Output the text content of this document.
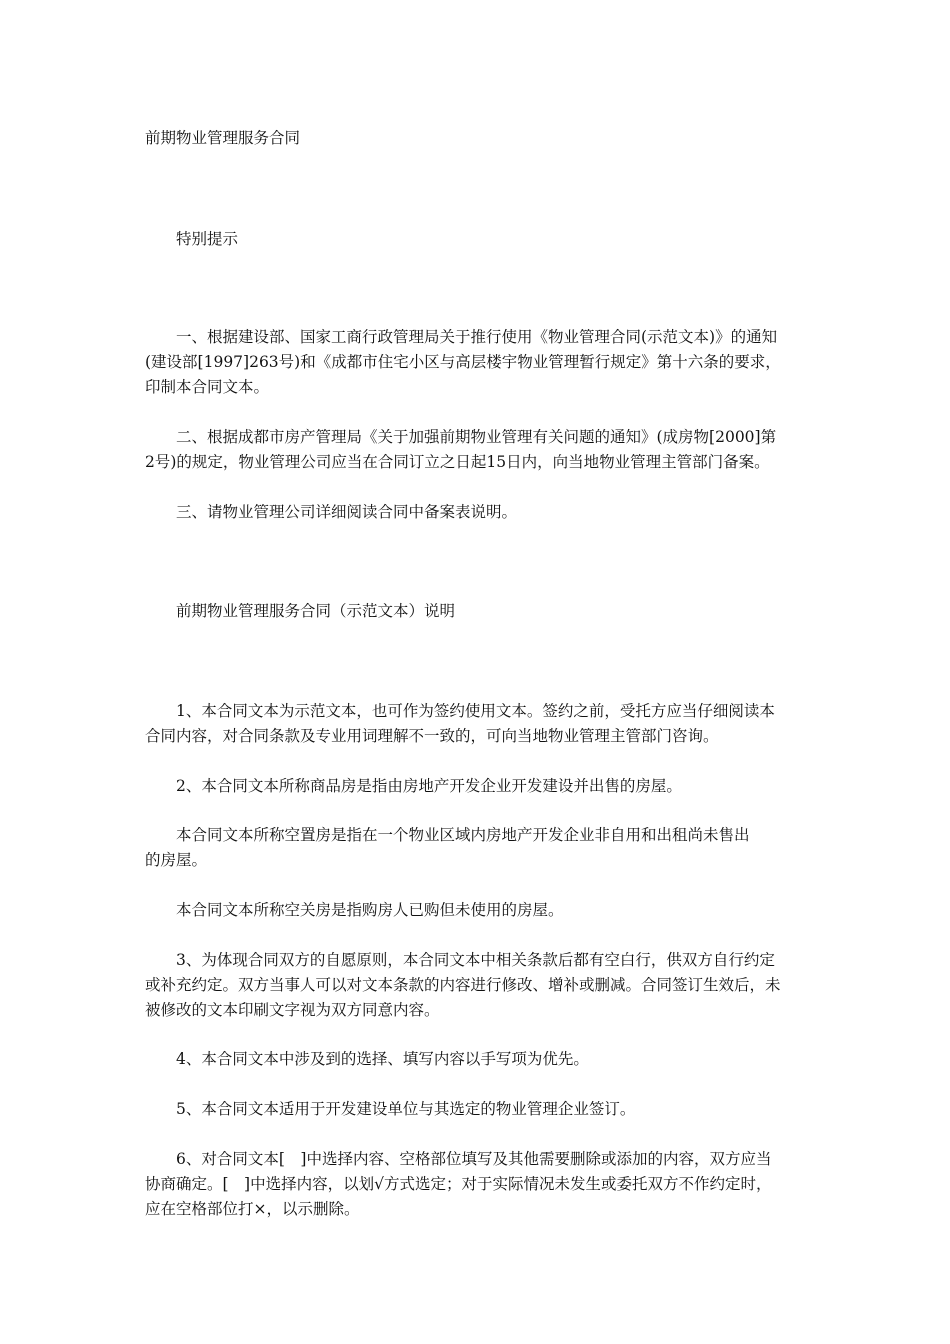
前期物业管理服务合同

特别提示

一、根据建设部、国家工商行政管理局关于推行使用《物业管理合同(示范文本)》的通知

(建设部[1997]263号)和《成都市住宅小区与高层楼宇物业管理暂行规定》第十六条的要求，

印制本合同文本。

二、根据成都市房产管理局《关于加强前期物业管理有关问题的通知》(成房物[2000]第

2号)的规定，物业管理公司应当在合同订立之日起15日内，向当地物业管理主管部门备案。

三、请物业管理公司详细阅读合同中备案表说明。

前期物业管理服务合同（示范文本）说明

1、本合同文本为示范文本，也可作为签约使用文本。签约之前，受托方应当仔细阅读本

合同内容，对合同条款及专业用词理解不一致的，可向当地物业管理主管部门咨询。

2、本合同文本所称商品房是指由房地产开发企业开发建设并出售的房屋。

本合同文本所称空置房是指在一个物业区域内房地产开发企业非自用和出租尚未售出

的房屋。

本合同文本所称空关房是指购房人已购但未使用的房屋。

3、为体现合同双方的自愿原则，本合同文本中相关条款后都有空白行，供双方自行约定

或补充约定。双方当事人可以对文本条款的内容进行修改、增补或删减。合同签订生效后，未

被修改的文本印刷文字视为双方同意内容。

4、本合同文本中涉及到的选择、填写内容以手写项为优先。

5、本合同文本适用于开发建设单位与其选定的物业管理企业签订。

6、对合同文本[　]中选择内容、空格部位填写及其他需要删除或添加的内容，双方应当

协商确定。[　]中选择内容，以划√方式选定；对于实际情况未发生或委托双方不作约定时，

应在空格部位打×，以示删除。
